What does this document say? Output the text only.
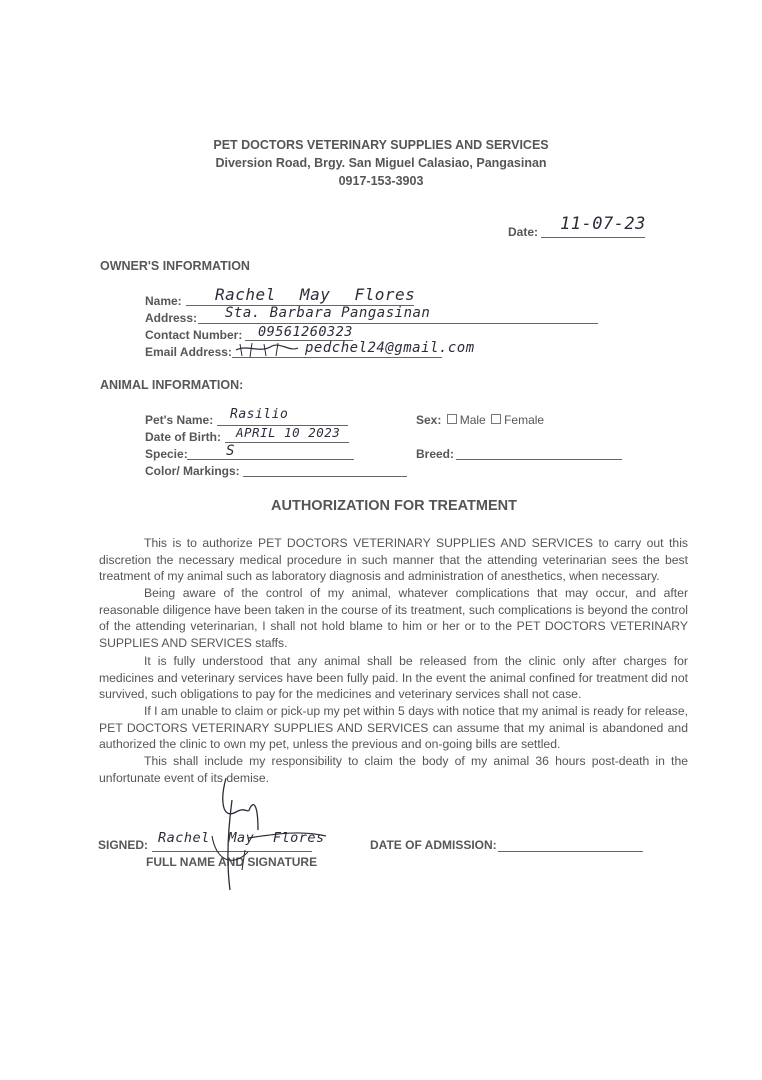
PET DOCTORS VETERINARY SUPPLIES AND SERVICES
Diversion Road, Brgy. San Miguel Calasiao, Pangasinan
0917-153-3903
Date: 11-07-23
OWNER'S INFORMATION
Name: Rachel May Flores
Address: Sta. Barbara Pangasinan
Contact Number: 09561260323
Email Address:	pedchel24@gmail.com
ANIMAL INFORMATION:
Pet's Name: Rasilio
Date of Birth: APRIL 10 2023
Specie:	S
Color/ Markings:
Sex: Male Female
Breed:
AUTHORIZATION FOR TREATMENT

This is to authorize PET DOCTORS VETERINARY SUPPLIES AND SERVICES to carry out this discretion the necessary medical procedure in such manner that the attending veterinarian sees the best treatment of my animal such as laboratory diagnosis and administration of anesthetics, when necessary.

Being aware of the control of my animal, whatever complications that may occur, and after reasonable diligence have been taken in the course of its treatment, such complications is beyond the control of the attending veterinarian, I shall not hold blame to him or her or to the PET DOCTORS VETERINARY SUPPLIES AND SERVICES staffs.

It is fully understood that any animal shall be released from the clinic only after charges for medicines and veterinary services have been fully paid. In the event the animal confined for treatment did not survived, such obligations to pay for the medicines and veterinary services shall not case.

If I am unable to claim or pick-up my pet within 5 days with notice that my animal is ready for release, PET DOCTORS VETERINARY SUPPLIES AND SERVICES can assume that my animal is abandoned and authorized the clinic to own my pet, unless the previous and on-going bills are settled.

This shall include my responsibility to claim the body of my animal 36 hours post-death in the unfortunate event of its demise.

SIGNED: Rachel May Flores
FULL NAME AND SIGNATURE
DATE OF ADMISSION:
